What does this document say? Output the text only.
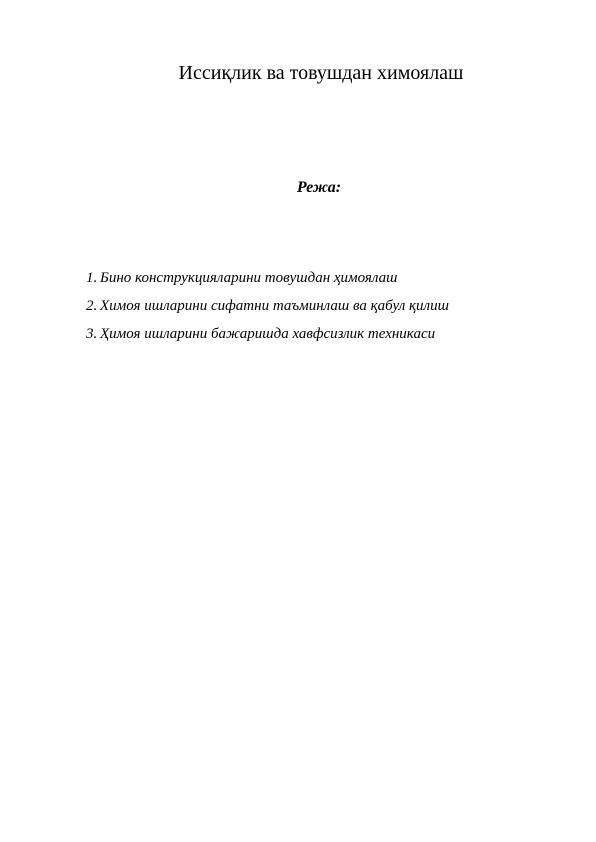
Иссиқлик ва товушдан химоялаш
Режа:
1. Бино конструкцияларини товушдан ҳимоялаш
2. Химоя ишларини сифатни таъминлаш ва қабул қилиш
3. Ҳимоя ишларини бажаришда хавфсизлик техникаси
